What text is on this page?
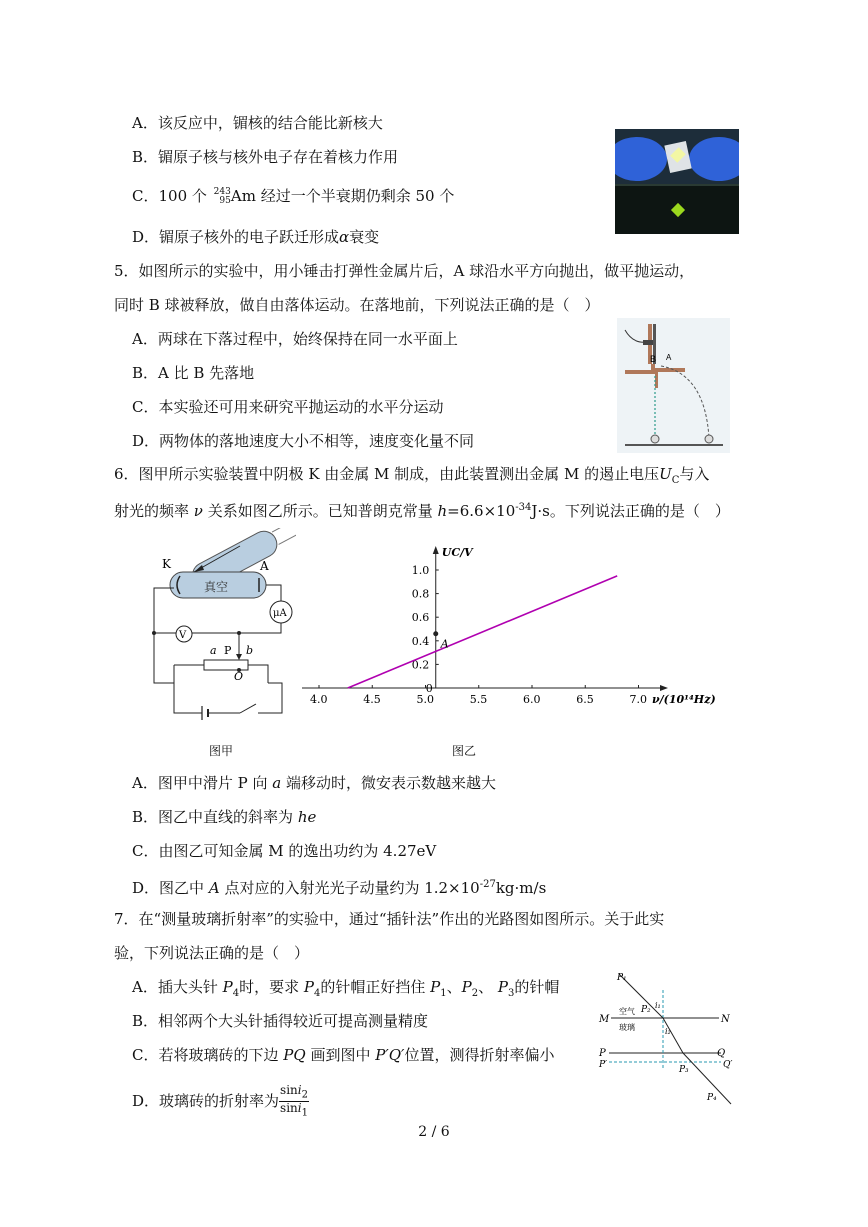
A．该反应中，镅核的结合能比新核大
B．镅原子核与核外电子存在着核力作用
C．100 个 243
95 Am 经过一个半衰期仍剩余 50 个
D．镅原子核外的电子跃迁形成α衰变
5．如图所示的实验中，用小锤击打弹性金属片后，A 球沿水平方向抛出，做平抛运动，
同时 B 球被释放，做自由落体运动。在落地前，下列说法正确的是（　）
A．两球在下落过程中，始终保持在同一水平面上
B．A 比 B 先落地
C．本实验还可用来研究平抛运动的水平分运动
D．两物体的落地速度大小不相等，速度变化量不同
B A
6．图甲所示实验装置中阴极 K 由金属 M 制成，由此装置测出金属 M 的遏止电压$U_C$与入
射光的频率 ν 关系如图乙所示。已知普朗克常量 $h=6.6\times 10^{-34}J\cdot s$。下列说法正确的是（　）
真空
K	A
μA
V
a P b
O
4.0	4.5	5.0	5.5	6.0	6.5	7.0
0
0.2
0.4
0.6
0.8
1.0
UC/V
ν/(10¹⁴Hz)
A
图甲	图乙
A．图甲中滑片 P 向 a 端移动时，微安表示数越来越大
B．图乙中直线的斜率为 he
C．由图乙可知金属 M 的逸出功约为 4.27eV
D．图乙中 A 点对应的入射光光子动量约为 $1.2\times 10^{-27}kg\cdot m/s$
7．在“测量玻璃折射率”的实验中，通过“插针法”作出的光路图如图所示。关于此实
验，下列说法正确的是（　）
A．插大头针 $P_4$时，要求 $P_4$的针帽正好挡住 $P_1$、$P_2$、 $P_3$的针帽
B．相邻两个大头针插得较近可提高测量精度
C．若将玻璃砖的下边 PQ 画到图中 P′Q′位置，测得折射率偏小
D．玻璃砖的折射率为 $\frac{\sin i_2}{\sin i_1}$
M	N
空气
玻璃
P
P′
Q
Q′
P₁
P₂
P₃
P₄
i₁
i₂
2 / 6
